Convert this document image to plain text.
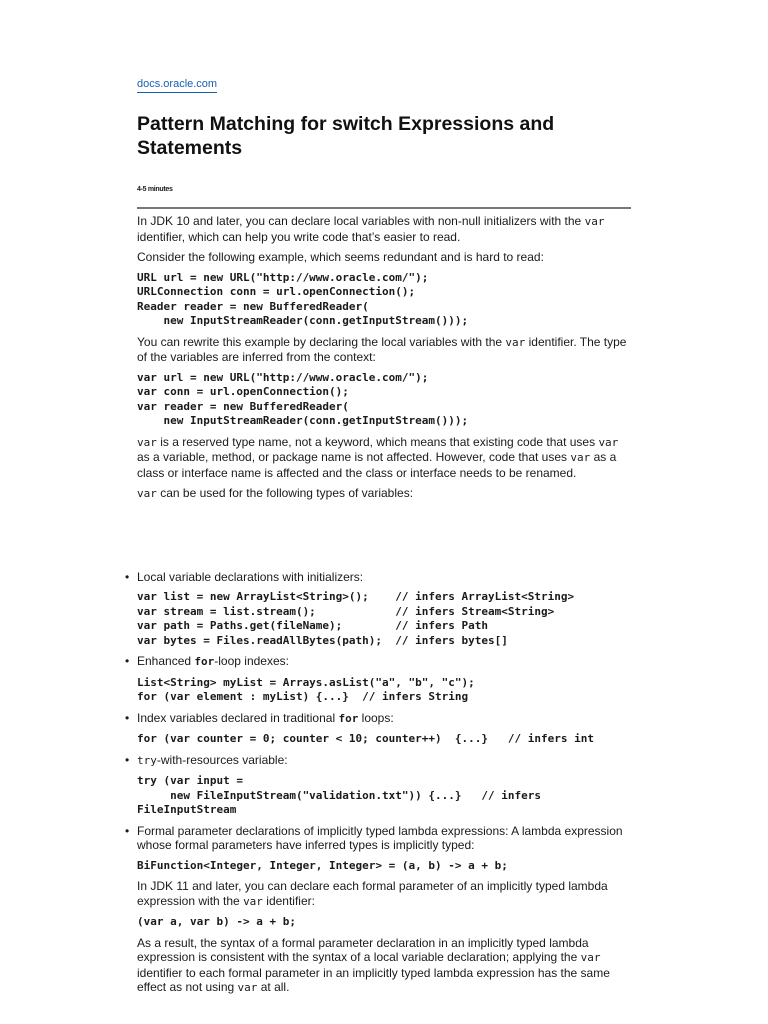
docs.oracle.com
Pattern Matching for switch Expressions and Statements
4-5 minutes

In JDK 10 and later, you can declare local variables with non-null initializers with the var identifier, which can help you write code that’s easier to read.

Consider the following example, which seems redundant and is hard to read:

URL url = new URL("http://www.oracle.com/");
URLConnection conn = url.openConnection();
Reader reader = new BufferedReader(
new InputStreamReader(conn.getInputStream()));

You can rewrite this example by declaring the local variables with the var identifier. The type of the variables are inferred from the context:

var url = new URL("http://www.oracle.com/");
var conn = url.openConnection();
var reader = new BufferedReader(
new InputStreamReader(conn.getInputStream()));

var is a reserved type name, not a keyword, which means that existing code that uses var as a variable, method, or package name is not affected. However, code that uses var as a class or interface name is affected and the class or interface needs to be renamed.

var can be used for the following types of variables:

• Local variable declarations with initializers:

var list = new ArrayList<String>();    // infers ArrayList<String>
var stream = list.stream();            // infers Stream<String>
var path = Paths.get(fileName);        // infers Path
var bytes = Files.readAllBytes(path);  // infers bytes[]
• Enhanced for-loop indexes:

List<String> myList = Arrays.asList("a", "b", "c");
for (var element : myList) {...}  // infers String
• Index variables declared in traditional for loops:

for (var counter = 0; counter < 10; counter++)  {...}   // infers int
• try-with-resources variable:

try (var input =
new FileInputStream("validation.txt")) {...}   // infers
FileInputStream
• Formal parameter declarations of implicitly typed lambda expressions: A lambda expression whose formal parameters have inferred types is implicitly typed:

BiFunction<Integer, Integer, Integer> = (a, b) -> a + b;

In JDK 11 and later, you can declare each formal parameter of an implicitly typed lambda expression with the var identifier:

(var a, var b) -> a + b;

As a result, the syntax of a formal parameter declaration in an implicitly typed lambda expression is consistent with the syntax of a local variable declaration; applying the var identifier to each formal parameter in an implicitly typed lambda expression has the same effect as not using var at all.
